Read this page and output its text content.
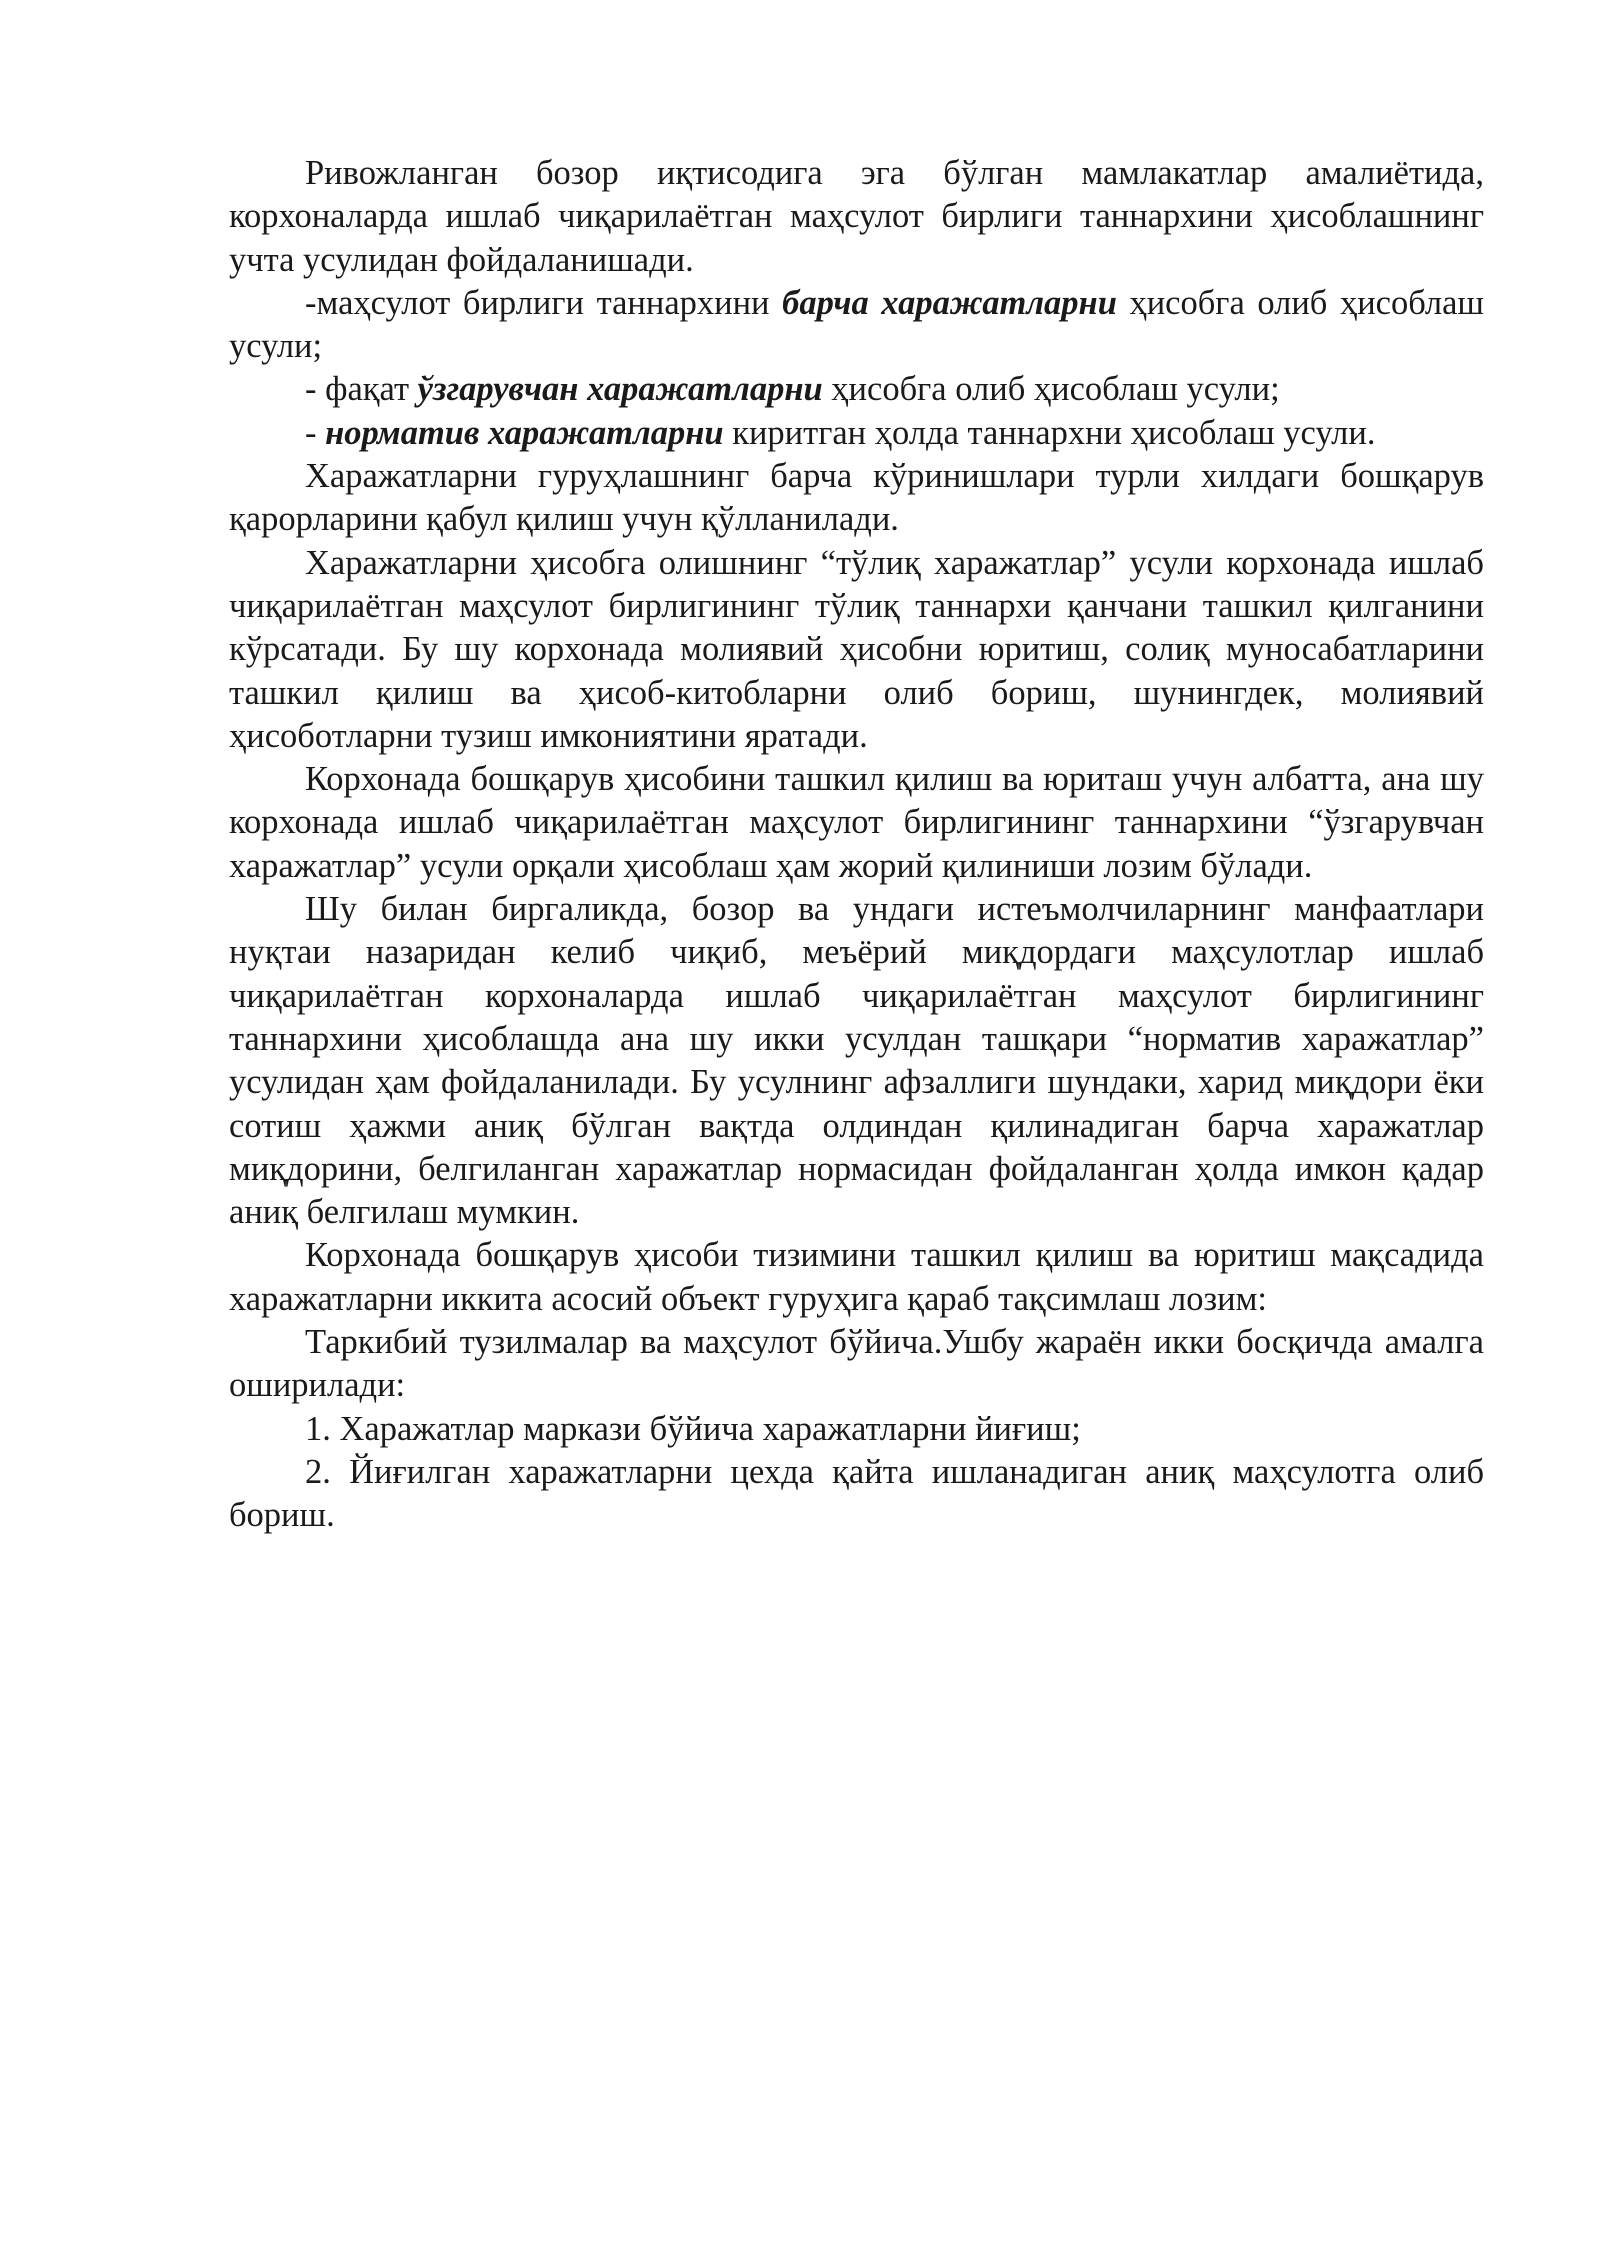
Ривожланган бозор иқтисодига эга бўлган мамлакатлар амалиётида, корхоналарда ишлаб чиқарилаётган маҳсулот бирлиги таннархини ҳисоблашнинг учта усулидан фойдаланишади.

-маҳсулот бирлиги таннархини барча харажатларни ҳисобга олиб ҳисоблаш усули;

- фақат ўзгарувчан харажатларни ҳисобга олиб ҳисоблаш усули;

- норматив харажатларни киритган ҳолда таннархни ҳисоблаш усули.

Харажатларни гуруҳлашнинг барча кўринишлари турли хилдаги бошқарув қарорларини қабул қилиш учун қўлланилади.

Харажатларни ҳисобга олишнинг “тўлиқ харажатлар” усули корхонада ишлаб чиқарилаётган маҳсулот бирлигининг тўлиқ таннархи қанчани ташкил қилганини кўрсатади. Бу шу корхонада молиявий ҳисобни юритиш, солиқ муносабатларини ташкил қилиш ва ҳисоб-китобларни олиб бориш, шунингдек, молиявий ҳисоботларни тузиш имкониятини яратади.

Корхонада бошқарув ҳисобини ташкил қилиш ва юриташ учун албатта, ана шу корхонада ишлаб чиқарилаётган маҳсулот бирлигининг таннархини “ўзгарувчан харажатлар” усули орқали ҳисоблаш ҳам жорий қилиниши лозим бўлади.

Шу билан биргаликда, бозор ва ундаги истеъмолчиларнинг манфаатлари нуқтаи назаридан келиб чиқиб, меъёрий миқдордаги маҳсулотлар ишлаб чиқарилаётган корхоналарда ишлаб чиқарилаётган маҳсулот бирлигининг таннархини ҳисоблашда ана шу икки усулдан ташқари “норматив харажатлар” усулидан ҳам фойдаланилади. Бу усулнинг афзаллиги шундаки, харид миқдори ёки сотиш ҳажми аниқ бўлган вақтда олдиндан қилинадиган барча харажатлар миқдорини, белгиланган харажатлар нормасидан фойдаланган ҳолда имкон қадар аниқ белгилаш мумкин.

Корхонада бошқарув ҳисоби тизимини ташкил қилиш ва юритиш мақсадида харажатларни иккита асосий объект гуруҳига қараб тақсимлаш лозим:

Таркибий тузилмалар ва маҳсулот бўйича.Ушбу жараён икки босқичда амалга оширилади:

1. Харажатлар маркази бўйича харажатларни йиғиш;

2. Йиғилган харажатларни цехда қайта ишланадиган аниқ маҳсулотга олиб бориш.
